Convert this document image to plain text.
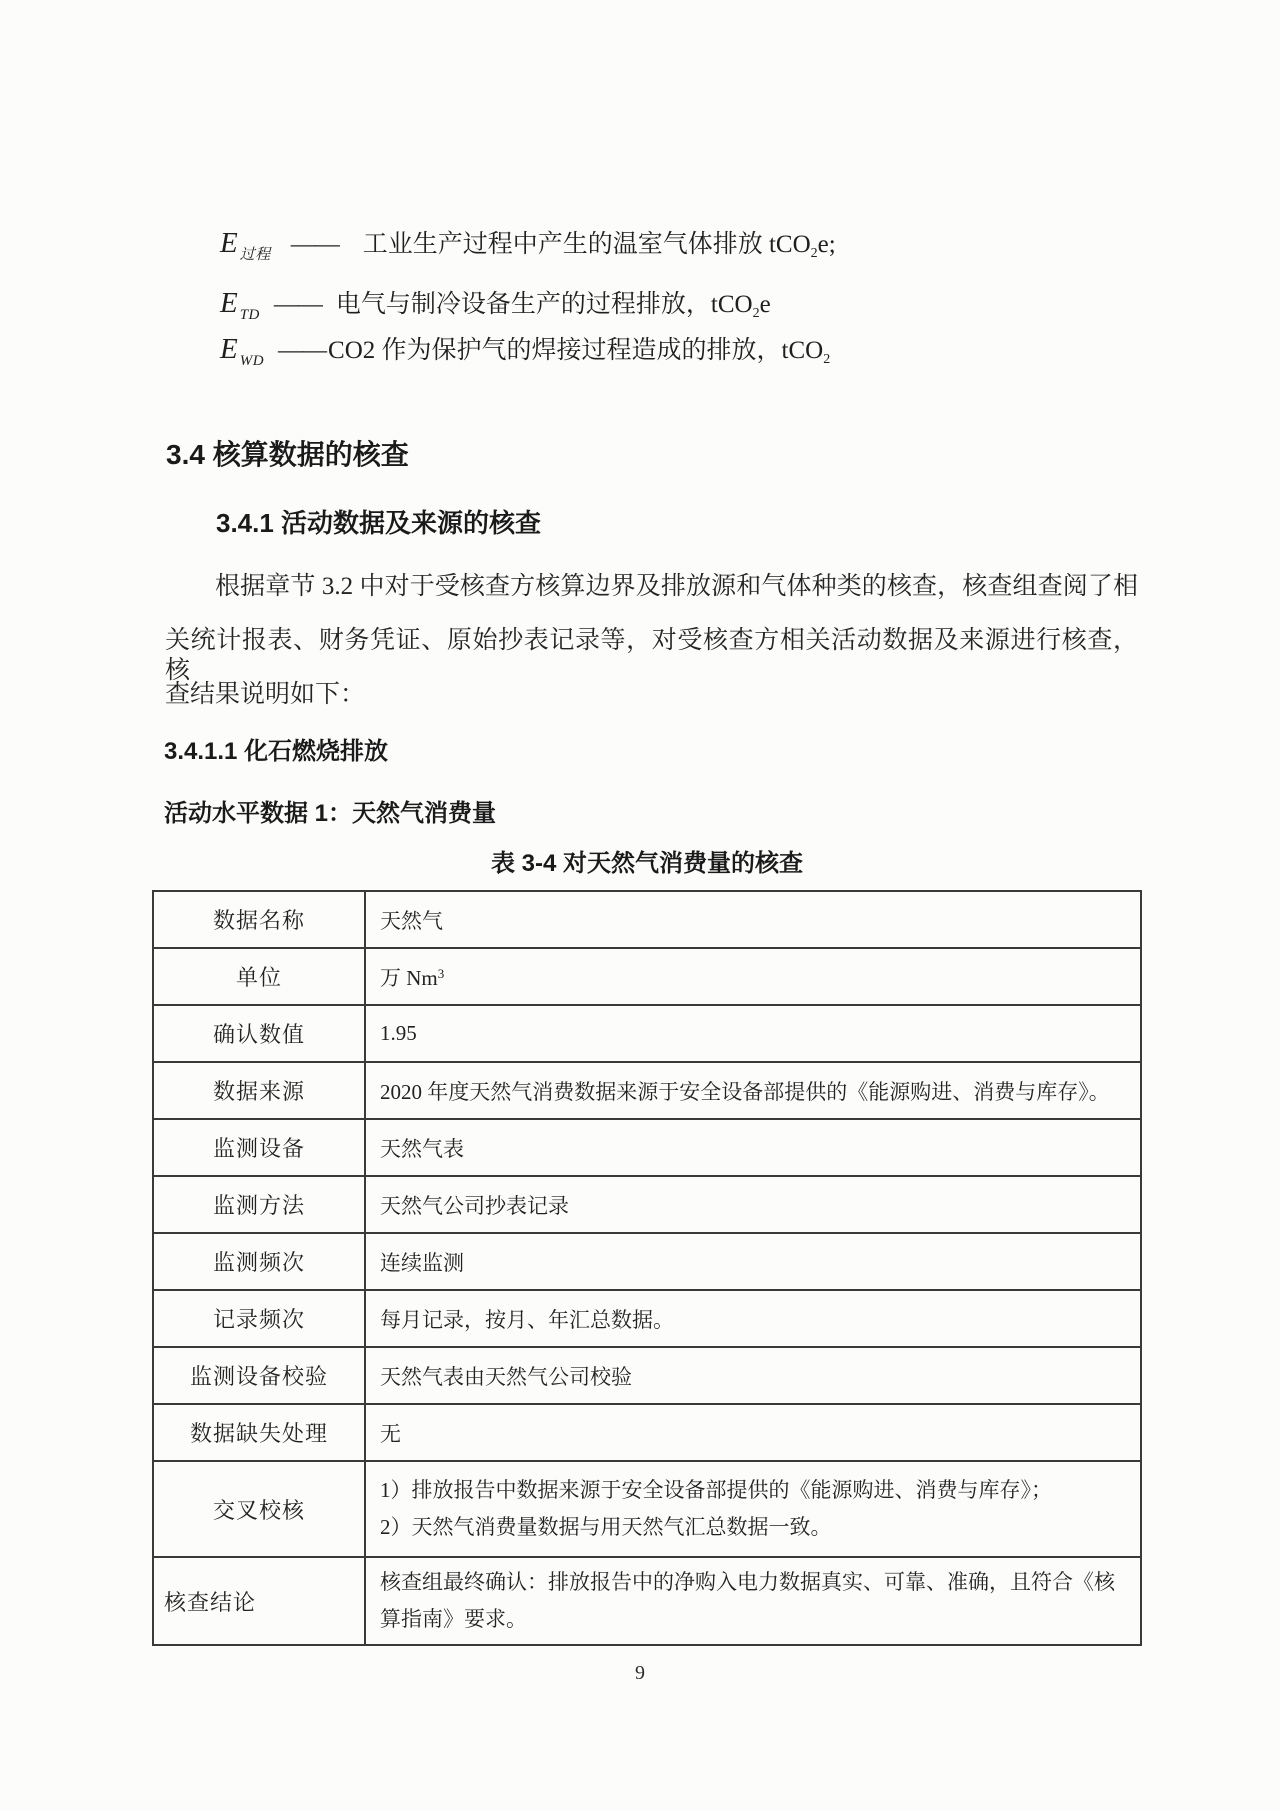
E $_{过程}$ —— 工业生产过程中产生的温室气体排放 tCO$_2$e;
E $_{TD}$ —— 电气与制冷设备生产的过程排放，tCO$_2$e
E $_{WD}$ ——CO2 作为保护气的焊接过程造成的排放，tCO$_2$
3.4 核算数据的核查
3.4.1 活动数据及来源的核查
根据章节 3.2 中对于受核查方核算边界及排放源和气体种类的核查，核查组查阅了相
关统计报表、财务凭证、原始抄表记录等，对受核查方相关活动数据及来源进行核查，核
查结果说明如下：
3.4.1.1 化石燃烧排放
活动水平数据 1：天然气消费量
表 3-4 对天然气消费量的核查
数据名称	天然气
单位	万 Nm$^3$
确认数值	1.95
数据来源	2020 年度天然气消费数据来源于安全设备部提供的《能源购进、消费与库存》。
监测设备	天然气表
监测方法	天然气公司抄表记录
监测频次	连续监测
记录频次	每月记录，按月、年汇总数据。
监测设备校验	天然气表由天然气公司校验
数据缺失处理	无
交叉校核	1）排放报告中数据来源于安全设备部提供的《能源购进、消费与库存》；
2）天然气消费量数据与用天然气汇总数据一致。

核查结论	核查组最终确认：排放报告中的净购入电力数据真实、可靠、准确，且符合《核
算指南》要求。
9
